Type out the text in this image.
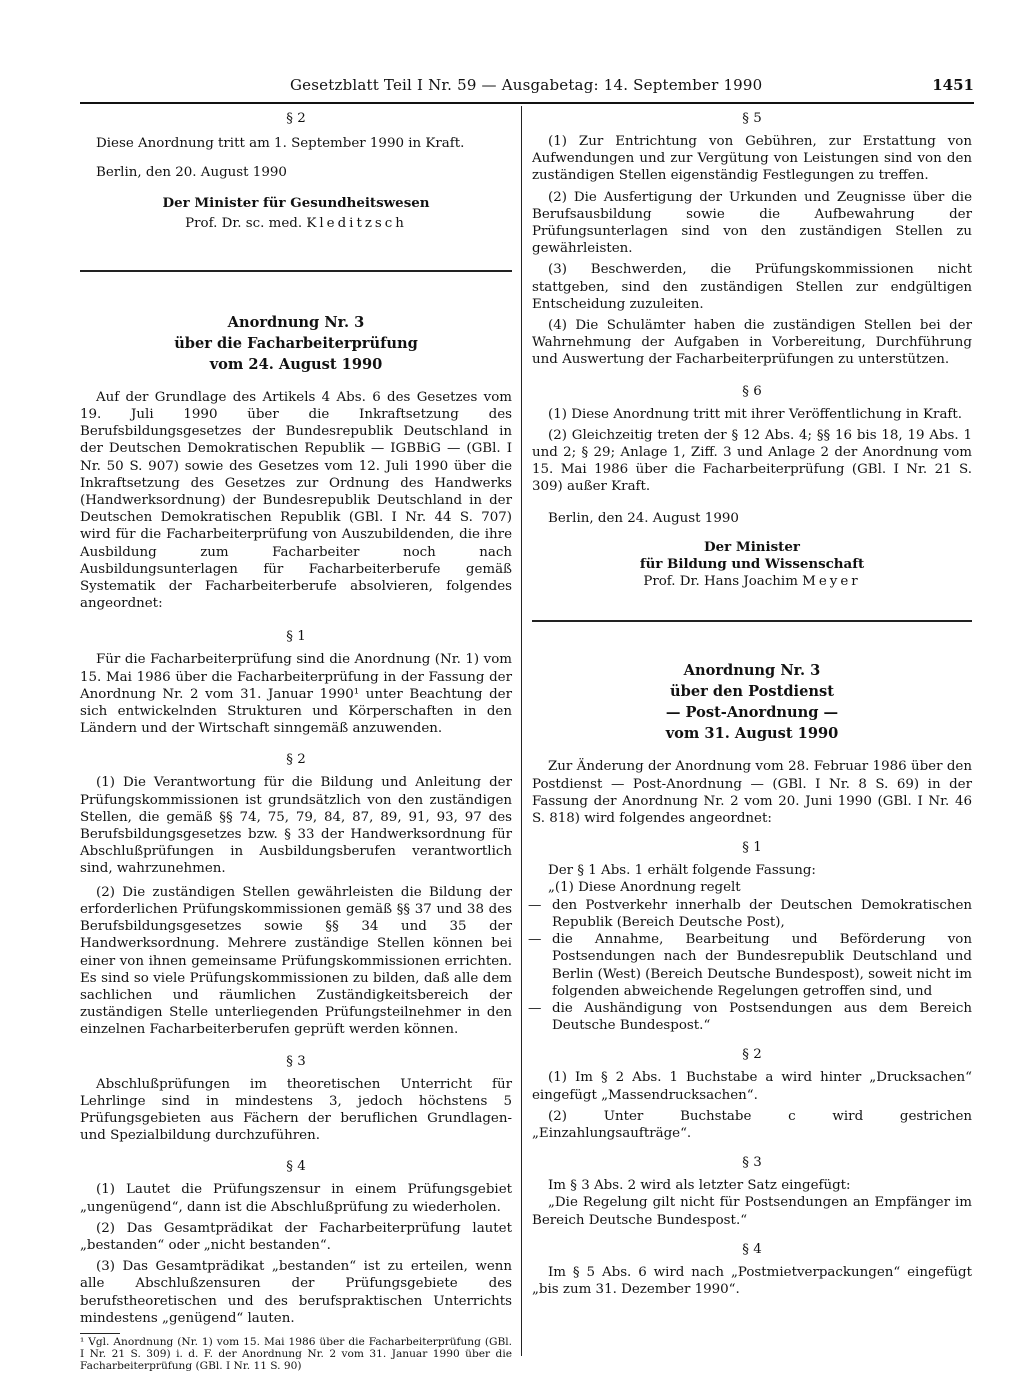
Gesetzblatt Teil I Nr. 59 — Ausgabetag: 14. September 1990	1451

§ 2

Diese Anordnung tritt am 1. September 1990 in Kraft.

Berlin, den 20. August 1990

Der Minister für Gesundheitswesen

Prof. Dr. sc. med. Kleditzsch

Anordnung Nr. 3
über die Facharbeiterprüfung
vom 24. August 1990

Auf der Grundlage des Artikels 4 Abs. 6 des Gesetzes vom 19. Juli 1990 über die Inkraftsetzung des Berufsbildungsgesetzes der Bundesrepublik Deutschland in der Deutschen Demokratischen Republik — IGBBiG — (GBl. I Nr. 50 S. 907) sowie des Gesetzes vom 12. Juli 1990 über die Inkraftsetzung des Gesetzes zur Ordnung des Handwerks (Handwerksordnung) der Bundesrepublik Deutschland in der Deutschen Demokratischen Republik (GBl. I Nr. 44 S. 707) wird für die Facharbeiterprüfung von Auszubildenden, die ihre Ausbildung zum Facharbeiter noch nach Ausbildungsunterlagen für Facharbeiterberufe gemäß Systematik der Facharbeiterberufe absolvieren, folgendes angeordnet:

§ 1

Für die Facharbeiterprüfung sind die Anordnung (Nr. 1) vom 15. Mai 1986 über die Facharbeiterprüfung in der Fassung der Anordnung Nr. 2 vom 31. Januar 1990¹ unter Beachtung der sich entwickelnden Strukturen und Körperschaften in den Ländern und der Wirtschaft sinngemäß anzuwenden.

§ 2

(1) Die Verantwortung für die Bildung und Anleitung der Prüfungskommissionen ist grundsätzlich von den zuständigen Stellen, die gemäß §§ 74, 75, 79, 84, 87, 89, 91, 93, 97 des Berufsbildungsgesetzes bzw. § 33 der Handwerksordnung für Abschlußprüfungen in Ausbildungsberufen verantwortlich sind, wahrzunehmen.

(2) Die zuständigen Stellen gewährleisten die Bildung der erforderlichen Prüfungskommissionen gemäß §§ 37 und 38 des Berufsbildungsgesetzes sowie §§ 34 und 35 der Handwerksordnung. Mehrere zuständige Stellen können bei einer von ihnen gemeinsame Prüfungskommissionen errichten. Es sind so viele Prüfungskommissionen zu bilden, daß alle dem sachlichen und räumlichen Zuständigkeitsbereich der zuständigen Stelle unterliegenden Prüfungsteilnehmer in den einzelnen Facharbeiterberufen geprüft werden können.

§ 3

Abschlußprüfungen im theoretischen Unterricht für Lehrlinge sind in mindestens 3, jedoch höchstens 5 Prüfungsgebieten aus Fächern der beruflichen Grundlagen- und Spezialbildung durchzuführen.

§ 4

(1) Lautet die Prüfungszensur in einem Prüfungsgebiet „ungenügend“, dann ist die Abschlußprüfung zu wiederholen.

(2) Das Gesamtprädikat der Facharbeiterprüfung lautet „bestanden“ oder „nicht bestanden“.

(3) Das Gesamtprädikat „bestanden“ ist zu erteilen, wenn alle Abschlußzensuren der Prüfungsgebiete des berufstheoretischen und des berufspraktischen Unterrichts mindestens „genügend“ lauten.

¹ Vgl. Anordnung (Nr. 1) vom 15. Mai 1986 über die Facharbeiterprüfung (GBl. I Nr. 21 S. 309) i. d. F. der Anordnung Nr. 2 vom 31. Januar 1990 über die Facharbeiterprüfung (GBl. I Nr. 11 S. 90)

§ 5

(1) Zur Entrichtung von Gebühren, zur Erstattung von Aufwendungen und zur Vergütung von Leistungen sind von den zuständigen Stellen eigenständig Festlegungen zu treffen.

(2) Die Ausfertigung der Urkunden und Zeugnisse über die Berufsausbildung sowie die Aufbewahrung der Prüfungsunterlagen sind von den zuständigen Stellen zu gewährleisten.

(3) Beschwerden, die Prüfungskommissionen nicht stattgeben, sind den zuständigen Stellen zur endgültigen Entscheidung zuzuleiten.

(4) Die Schulämter haben die zuständigen Stellen bei der Wahrnehmung der Aufgaben in Vorbereitung, Durchführung und Auswertung der Facharbeiterprüfungen zu unterstützen.

§ 6

(1) Diese Anordnung tritt mit ihrer Veröffentlichung in Kraft.

(2) Gleichzeitig treten der § 12 Abs. 4; §§ 16 bis 18, 19 Abs. 1 und 2; § 29; Anlage 1, Ziff. 3 und Anlage 2 der Anordnung vom 15. Mai 1986 über die Facharbeiterprüfung (GBl. I Nr. 21 S. 309) außer Kraft.

Berlin, den 24. August 1990

Der Minister

für Bildung und Wissenschaft

Prof. Dr. Hans Joachim Meyer

Anordnung Nr. 3
über den Postdienst
— Post-Anordnung —
vom 31. August 1990

Zur Änderung der Anordnung vom 28. Februar 1986 über den Postdienst — Post-Anordnung — (GBl. I Nr. 8 S. 69) in der Fassung der Anordnung Nr. 2 vom 20. Juni 1990 (GBl. I Nr. 46 S. 818) wird folgendes angeordnet:

§ 1

Der § 1 Abs. 1 erhält folgende Fassung:

„(1) Diese Anordnung regelt

— den Postverkehr innerhalb der Deutschen Demokratischen Republik (Bereich Deutsche Post),
— die Annahme, Bearbeitung und Beförderung von Postsendungen nach der Bundesrepublik Deutschland und Berlin (West) (Bereich Deutsche Bundespost), soweit nicht im folgenden abweichende Regelungen getroffen sind, und
— die Aushändigung von Postsendungen aus dem Bereich Deutsche Bundespost.“

§ 2

(1) Im § 2 Abs. 1 Buchstabe a wird hinter „Drucksachen“ eingefügt „Massendrucksachen“.

(2) Unter Buchstabe c wird gestrichen „Einzahlungsaufträge“.

§ 3

Im § 3 Abs. 2 wird als letzter Satz eingefügt:

„Die Regelung gilt nicht für Postsendungen an Empfänger im Bereich Deutsche Bundespost.“

§ 4

Im § 5 Abs. 6 wird nach „Postmietverpackungen“ eingefügt „bis zum 31. Dezember 1990“.
